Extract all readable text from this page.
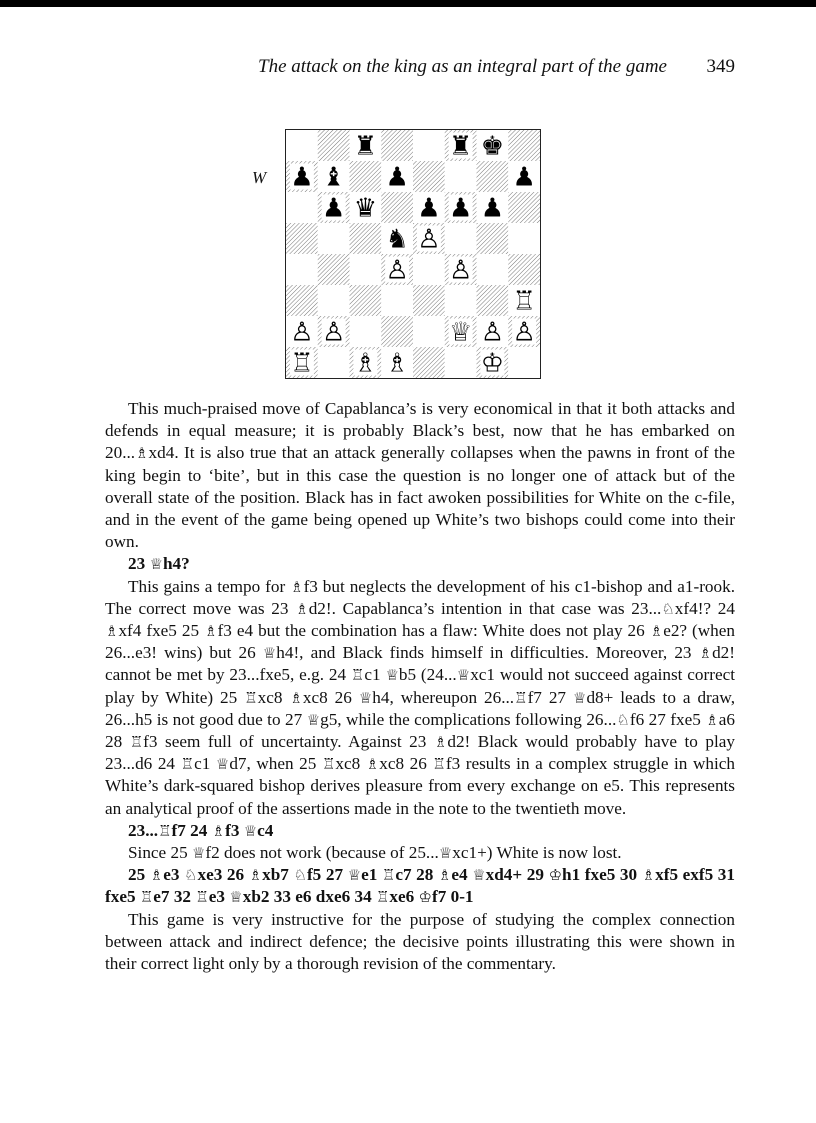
The attack on the king as an integral part of the game 349
W
♜	♜ ♚
♟ ♝ ♟	♟
♟ ♛ ♟ ♟ ♟
♞ ♙
♙ ♙
♖
♙ ♙	♕ ♙ ♙
♖ ♗ ♗	♔

This much-praised move of Capablanca’s is very economical in that it both attacks and defends in equal measure; it is probably Black’s best, now that he has embarked on 20...♗xd4. It is also true that an attack generally collapses when the pawns in front of the king begin to ‘bite’, but in this case the question is no longer one of attack but of the overall state of the position. Black has in fact awoken possibilities for White on the c-file, and in the event of the game being opened up White’s two bishops could come into their own.

23 ♕h4?

This gains a tempo for ♗f3 but neglects the development of his c1-bishop and a1-rook. The correct move was 23 ♗d2!. Capablanca’s intention in that case was 23...♘xf4!? 24 ♗xf4 fxe5 25 ♗f3 e4 but the combination has a flaw: White does not play 26 ♗e2? (when 26...e3! wins) but 26 ♕h4!, and Black finds himself in difficulties. Moreover, 23 ♗d2! cannot be met by 23...fxe5, e.g. 24 ♖c1 ♕b5 (24...♕xc1 would not succeed against correct play by White) 25 ♖xc8 ♗xc8 26 ♕h4, whereupon 26...♖f7 27 ♕d8+ leads to a draw, 26...h5 is not good due to 27 ♕g5, while the complications following 26...♘f6 27 fxe5 ♗a6 28 ♖f3 seem full of uncertainty. Against 23 ♗d2! Black would probably have to play 23...d6 24 ♖c1 ♕d7, when 25 ♖xc8 ♗xc8 26 ♖f3 results in a complex struggle in which White’s dark-squared bishop derives pleasure from every exchange on e5. This represents an analytical proof of the assertions made in the note to the twentieth move.

23...♖f7 24 ♗f3 ♕c4

Since 25 ♕f2 does not work (because of 25...♕xc1+) White is now lost.

25 ♗e3 ♘xe3 26 ♗xb7 ♘f5 27 ♕e1 ♖c7 28 ♗e4 ♕xd4+ 29 ♔h1 fxe5 30 ♗xf5 exf5 31 fxe5 ♖e7 32 ♖e3 ♕xb2 33 e6 dxe6 34 ♖xe6 ♔f7 0-1

This game is very instructive for the purpose of studying the complex connection between attack and indirect defence; the decisive points illustrating this were shown in their correct light only by a thorough revision of the commentary.
